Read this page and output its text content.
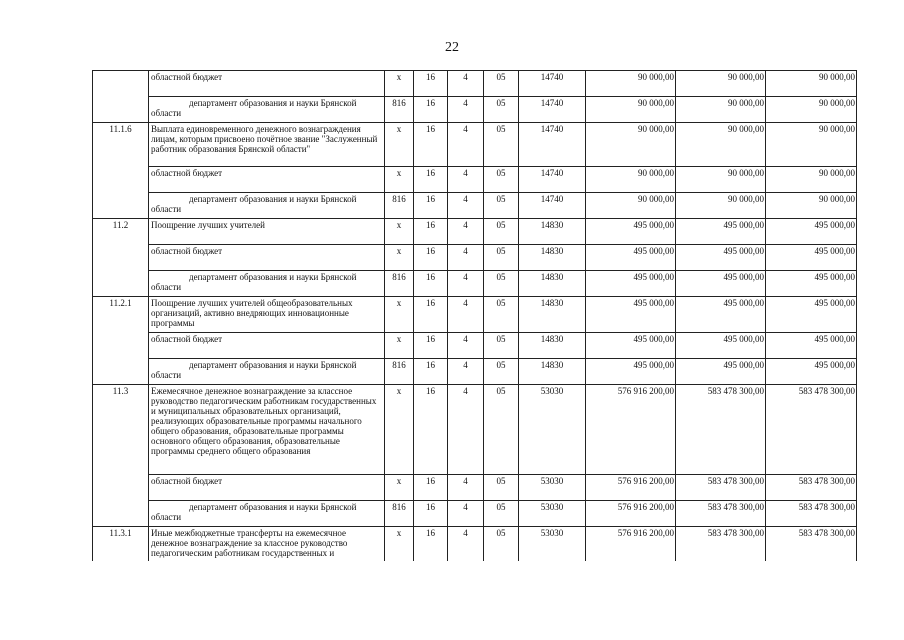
22
	областной бюджет	x	16	4	05	14740	90 000,00	90 000,00	90 000,00
	департамент образования и науки Брянской области	816	16	4	05	14740	90 000,00	90 000,00	90 000,00
11.1.6	Выплата единовременного денежного вознаграждения лицам, которым присвоено почётное звание "Заслуженный работник образования Брянской области"	x	16	4	05	14740	90 000,00	90 000,00	90 000,00
	областной бюджет	x	16	4	05	14740	90 000,00	90 000,00	90 000,00
	департамент образования и науки Брянской области	816	16	4	05	14740	90 000,00	90 000,00	90 000,00
11.2	Поощрение лучших учителей	x	16	4	05	14830	495 000,00	495 000,00	495 000,00
	областной бюджет	x	16	4	05	14830	495 000,00	495 000,00	495 000,00
	департамент образования и науки Брянской области	816	16	4	05	14830	495 000,00	495 000,00	495 000,00
11.2.1	Поощрение лучших учителей общеобразовательных организаций, активно внедряющих инновационные программы	x	16	4	05	14830	495 000,00	495 000,00	495 000,00
	областной бюджет	x	16	4	05	14830	495 000,00	495 000,00	495 000,00
	департамент образования и науки Брянской области	816	16	4	05	14830	495 000,00	495 000,00	495 000,00
11.3	Ежемесячное денежное вознаграждение за классное руководство педагогическим работникам государственных и муниципальных образовательных организаций, реализующих образовательные программы начального общего образования, образовательные программы основного общего образования, образовательные программы среднего общего образования	x	16	4	05	53030	576 916 200,00	583 478 300,00	583 478 300,00
	областной бюджет	x	16	4	05	53030	576 916 200,00	583 478 300,00	583 478 300,00
	департамент образования и науки Брянской области	816	16	4	05	53030	576 916 200,00	583 478 300,00	583 478 300,00
11.3.1	Иные межбюджетные трансферты на ежемесячное денежное вознаграждение за классное руководство педагогическим работникам государственных и	x	16	4	05	53030	576 916 200,00	583 478 300,00	583 478 300,00
